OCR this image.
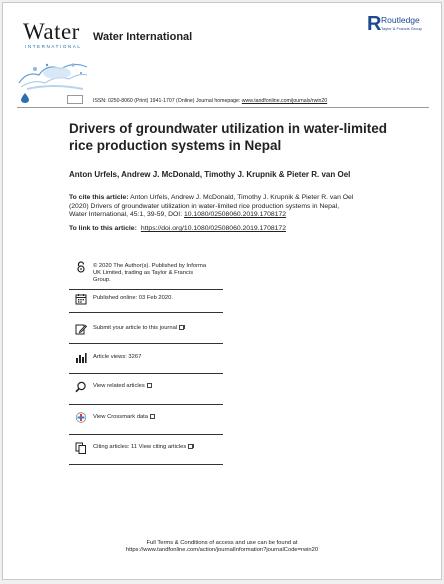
Water
INTERNATIONAL
Water International
R Routledge
Taylor & Francis Group
ISSN: 0250-8060 (Print) 1941-1707 (Online) Journal homepage: www.tandfonline.com/journals/rwin20
Drivers of groundwater utilization in water-limited
rice production systems in Nepal
Anton Urfels, Andrew J. McDonald, Timothy J. Krupnik & Pieter R. van Oel
To cite this article: Anton Urfels, Andrew J. McDonald, Timothy J. Krupnik & Pieter R. van Oel
(2020) Drivers of groundwater utilization in water-limited rice production systems in Nepal,
Water International, 45:1, 39-59, DOI: 10.1080/02508060.2019.1708172
To link to this article: https://doi.org/10.1080/02508060.2019.1708172
© 2020 The Author(s). Published by Informa
UK Limited, trading as Taylor & Francis
Group.
Published online: 03 Feb 2020.
Submit your article to this journal
Article views: 3267
View related articles
View Crossmark data
Citing articles: 11 View citing articles
Full Terms & Conditions of access and use can be found at
https://www.tandfonline.com/action/journalInformation?journalCode=rwin20
